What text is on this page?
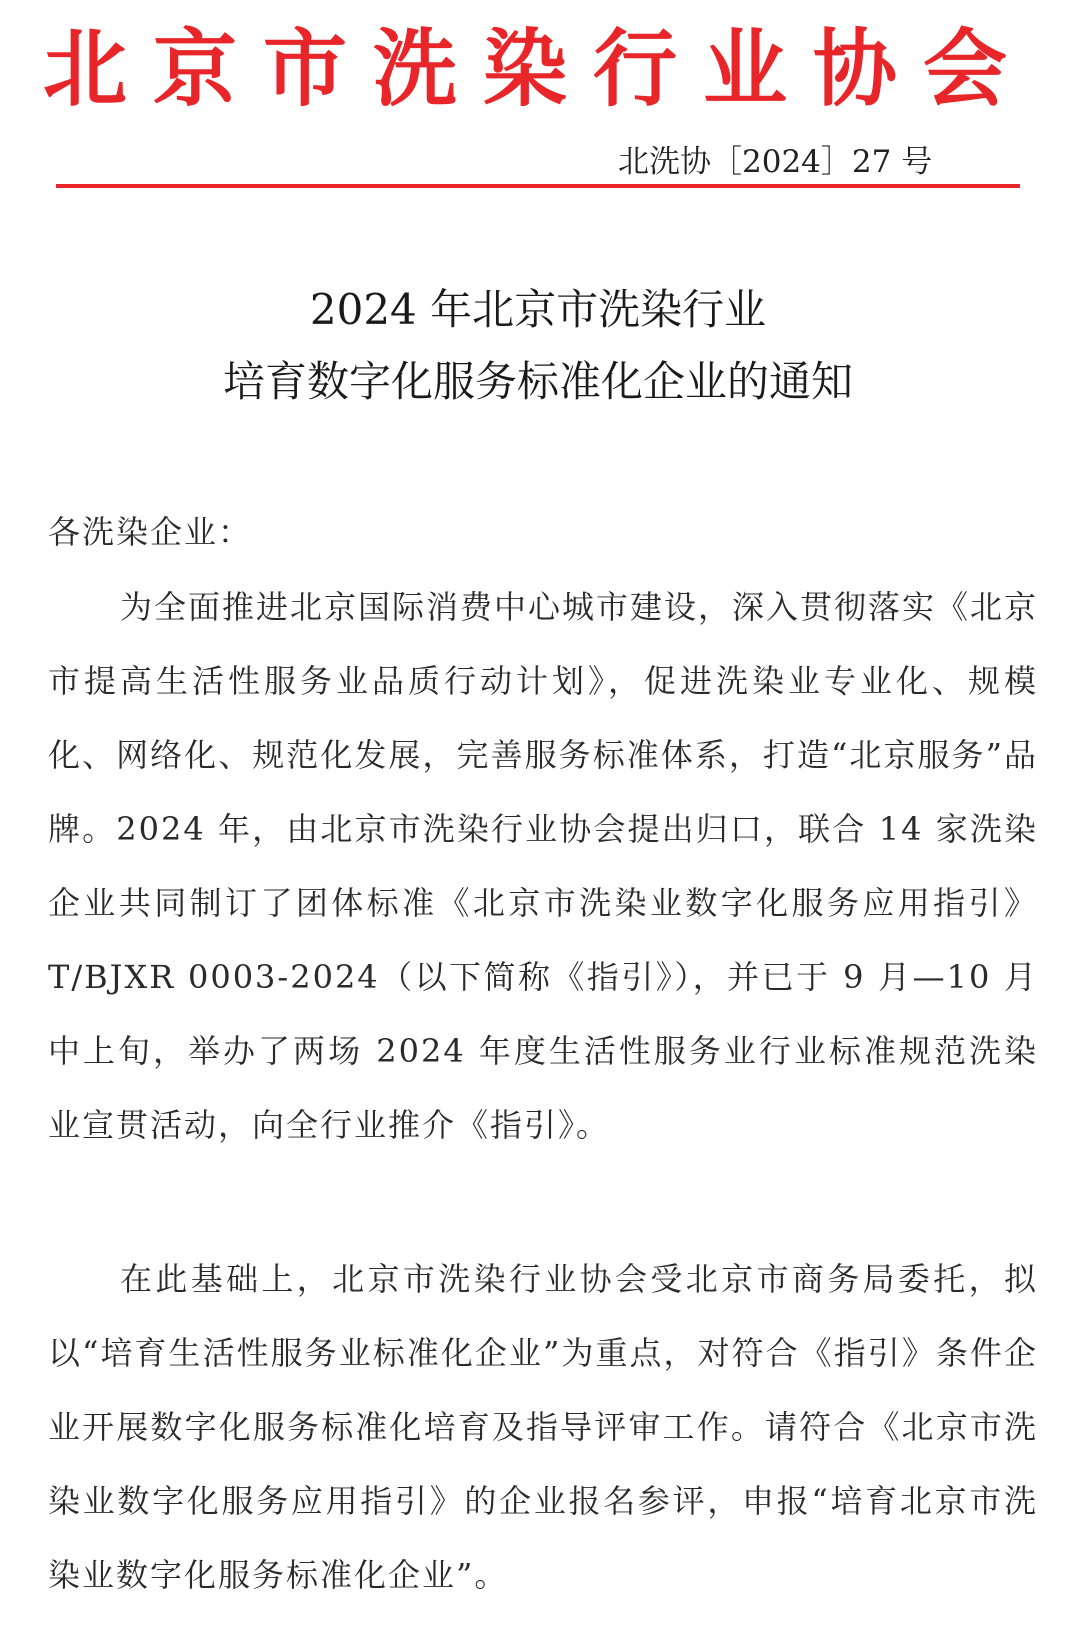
北京市洗染行业协会
北洗协［2024］27 号
2024 年北京市洗染行业
培育数字化服务标准化企业的通知
各洗染企业：
为全面推进北京国际消费中心城市建设，深入贯彻落实《北京市提高生活性服务业品质行动计划》，促进洗染业专业化、规模化、网络化、规范化发展，完善服务标准体系，打造“北京服务”品牌。2024 年，由北京市洗染行业协会提出归口，联合 14 家洗染企业共同制订了团体标准《北京市洗染业数字化服务应用指引》T/BJXR 0003-2024（以下简称《指引》），并已于 9 月—10 月中上旬，举办了两场 2024 年度生活性服务业行业标准规范洗染业宣贯活动，向全行业推介《指引》。
在此基础上，北京市洗染行业协会受北京市商务局委托，拟以“培育生活性服务业标准化企业”为重点，对符合《指引》条件企业开展数字化服务标准化培育及指导评审工作。请符合《北京市洗染业数字化服务应用指引》的企业报名参评，申报“培育北京市洗染业数字化服务标准化企业”。
